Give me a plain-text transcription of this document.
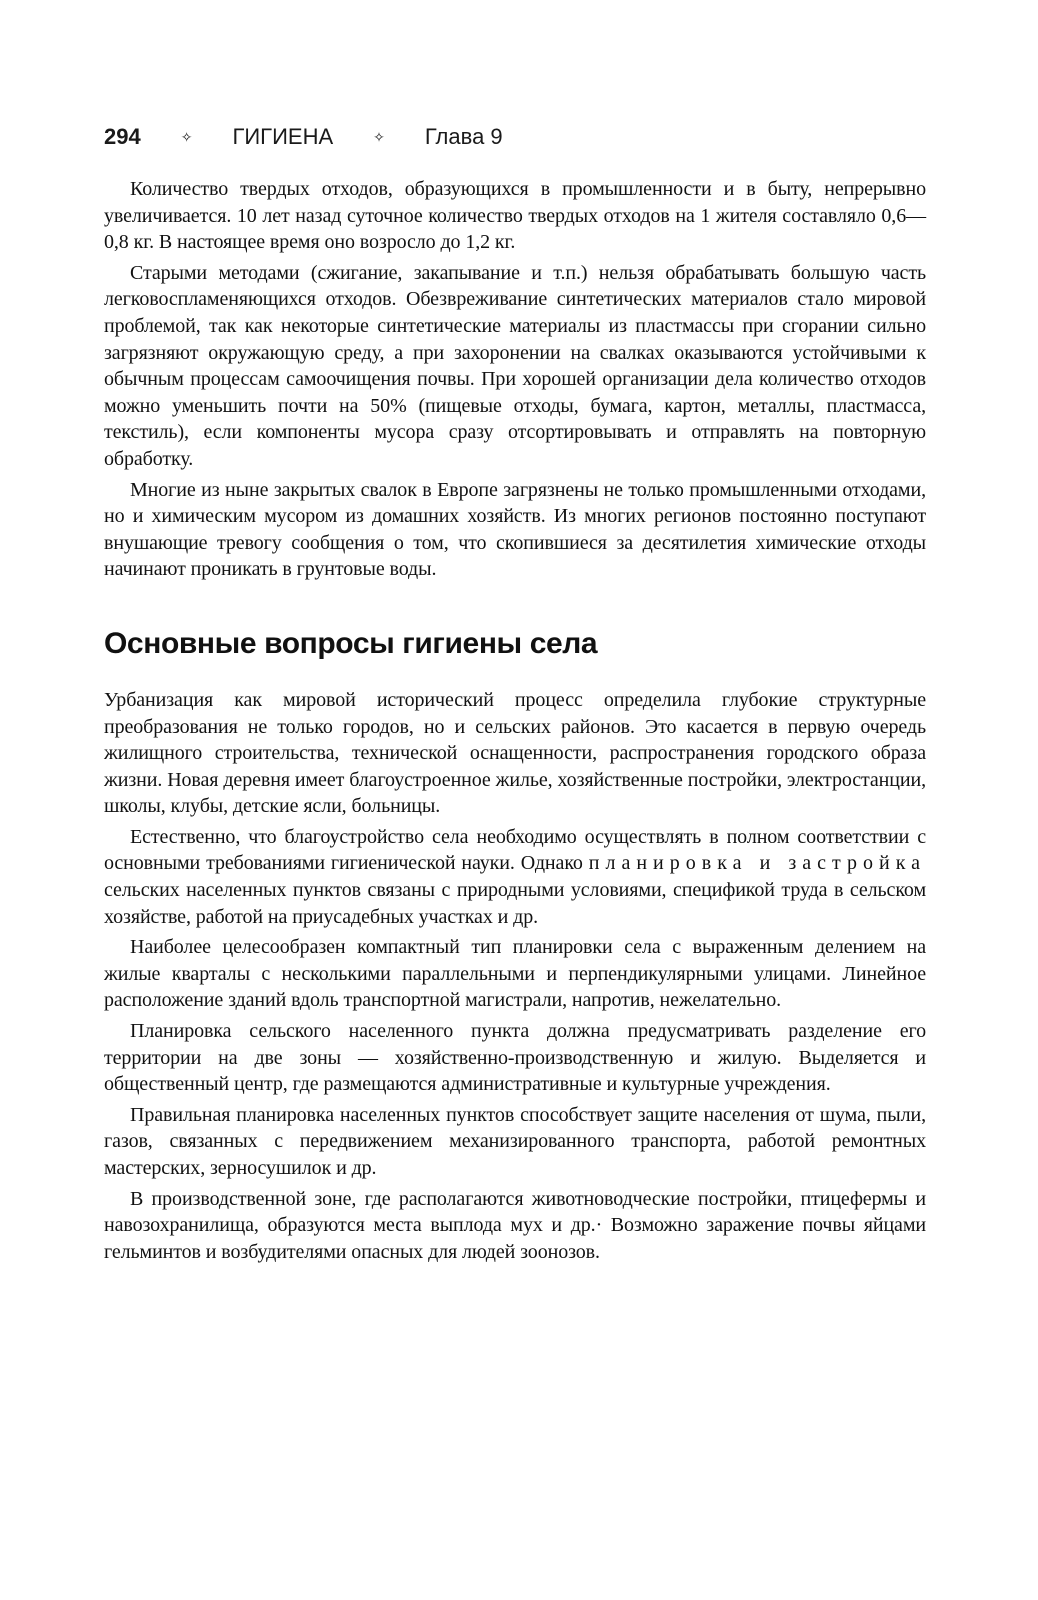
294	✧ ГИГИЕНА	✧ Глава 9

Количество твердых отходов, образующихся в промышленности и в быту, непрерывно увеличивается. 10 лет назад суточное количество твердых отходов на 1 жителя составляло 0,6—0,8 кг. В настоящее время оно возросло до 1,2 кг.

Старыми методами (сжигание, закапывание и т.п.) нельзя обрабатывать большую часть легковоспламеняющихся отходов. Обезвреживание синтетических материалов стало мировой проблемой, так как некоторые синтетические материалы из пластмассы при сгорании сильно загрязняют окружающую среду, а при захоронении на свалках оказываются устойчивыми к обычным процессам самоочищения почвы. При хорошей организации дела количество отходов можно уменьшить почти на 50% (пищевые отходы, бумага, картон, металлы, пластмасса, текстиль), если компоненты мусора сразу отсортировывать и отправлять на повторную обработку.

Многие из ныне закрытых свалок в Европе загрязнены не только промышленными отходами, но и химическим мусором из домашних хозяйств. Из многих регионов постоянно поступают внушающие тревогу сообщения о том, что скопившиеся за десятилетия химические отходы начинают проникать в грунтовые воды.

Основные вопросы гигиены села

Урбанизация как мировой исторический процесс определила глубокие структурные преобразования не только городов, но и сельских районов. Это касается в первую очередь жилищного строительства, технической оснащенности, распространения городского образа жизни. Новая деревня имеет благоустроенное жилье, хозяйственные постройки, электростанции, школы, клубы, детские ясли, больницы.

Естественно, что благоустройство села необходимо осуществлять в полном соответствии с основными требованиями гигиенической науки. Однако планировка и застройка сельских населенных пунктов связаны с природными условиями, спецификой труда в сельском хозяйстве, работой на приусадебных участках и др.

Наиболее целесообразен компактный тип планировки села с выраженным делением на жилые кварталы с несколькими параллельными и перпендикулярными улицами. Линейное расположение зданий вдоль транспортной магистрали, напротив, нежелательно.

Планировка сельского населенного пункта должна предусматривать разделение его территории на две зоны — хозяйственно-производственную и жилую. Выделяется и общественный центр, где размещаются административные и культурные учреждения.

Правильная планировка населенных пунктов способствует защите населения от шума, пыли, газов, связанных с передвижением механизированного транспорта, работой ремонтных мастерских, зерносушилок и др.

В производственной зоне, где располагаются животноводческие постройки, птицефермы и навозохранилища, образуются места выплода мух и др.· Возможно заражение почвы яйцами гельминтов и возбудителями опасных для людей зоонозов.
